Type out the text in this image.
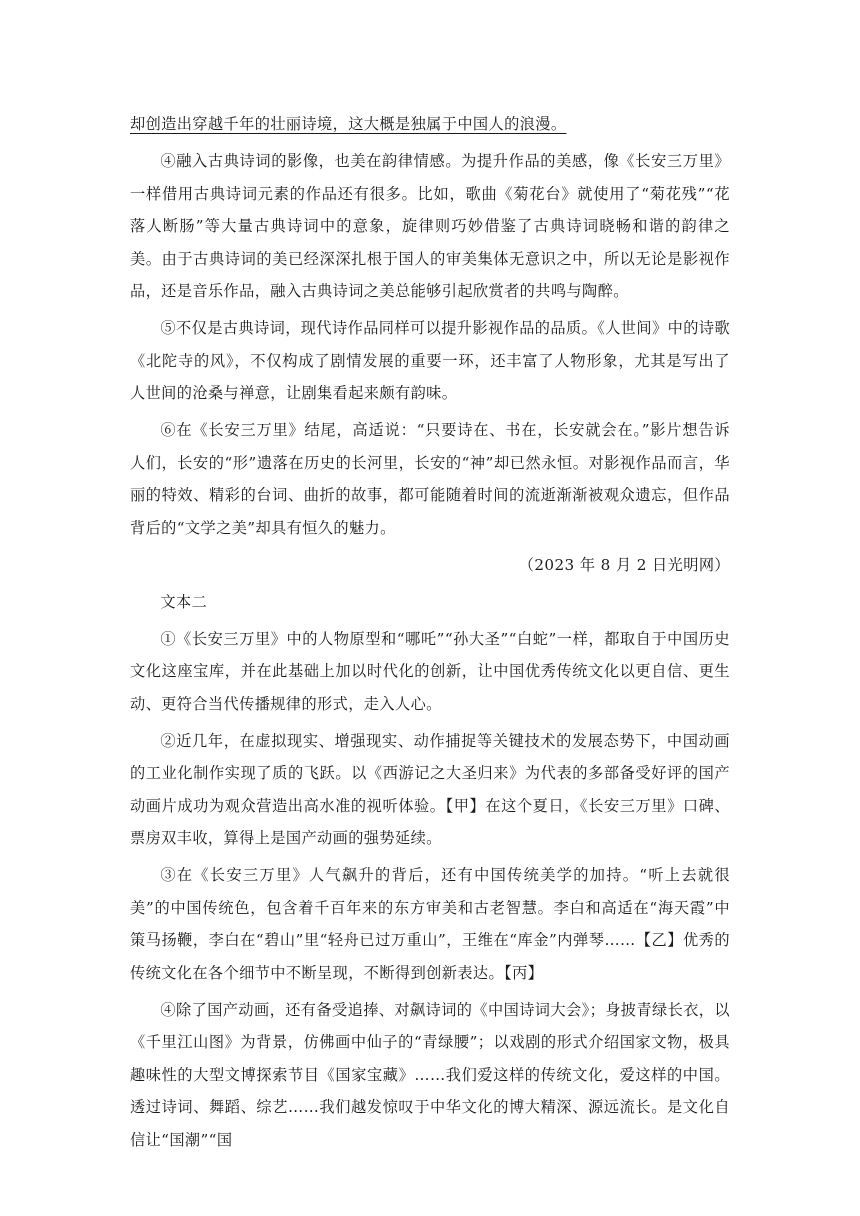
却创造出穿越千年的壮丽诗境，这大概是独属于中国人的浪漫。

④融入古典诗词的影像，也美在韵律情感。为提升作品的美感，像《长安三万里》一样借用古典诗词元素的作品还有很多。比如，歌曲《菊花台》就使用了“菊花残”“花落人断肠”等大量古典诗词中的意象，旋律则巧妙借鉴了古典诗词晓畅和谐的韵律之美。由于古典诗词的美已经深深扎根于国人的审美集体无意识之中，所以无论是影视作品，还是音乐作品，融入古典诗词之美总能够引起欣赏者的共鸣与陶醉。

⑤不仅是古典诗词，现代诗作品同样可以提升影视作品的品质。《人世间》中的诗歌《北陀寺的风》，不仅构成了剧情发展的重要一环，还丰富了人物形象，尤其是写出了人世间的沧桑与禅意，让剧集看起来颇有韵味。

⑥在《长安三万里》结尾，高适说：“只要诗在、书在，长安就会在。”影片想告诉人们，长安的“形”遗落在历史的长河里，长安的“神”却已然永恒。对影视作品而言，华丽的特效、精彩的台词、曲折的故事，都可能随着时间的流逝渐渐被观众遗忘，但作品背后的“文学之美”却具有恒久的魅力。

（2023 年 8 月 2 日光明网）

文本二

①《长安三万里》中的人物原型和“哪吒”“孙大圣”“白蛇”一样，都取自于中国历史文化这座宝库，并在此基础上加以时代化的创新，让中国优秀传统文化以更自信、更生动、更符合当代传播规律的形式，走入人心。

②近几年，在虚拟现实、增强现实、动作捕捉等关键技术的发展态势下，中国动画的工业化制作实现了质的飞跃。以《西游记之大圣归来》为代表的多部备受好评的国产动画片成功为观众营造出高水准的视听体验。【甲】在这个夏日，《长安三万里》口碑、票房双丰收，算得上是国产动画的强势延续。

③在《长安三万里》人气飙升的背后，还有中国传统美学的加持。“听上去就很美”的中国传统色，包含着千百年来的东方审美和古老智慧。李白和高适在“海天霞”中策马扬鞭，李白在“碧山”里“轻舟已过万重山”，王维在“库金”内弹琴……【乙】优秀的传统文化在各个细节中不断呈现，不断得到创新表达。【丙】

④除了国产动画，还有备受追捧、对飙诗词的《中国诗词大会》；身披青绿长衣，以《千里江山图》为背景，仿佛画中仙子的“青绿腰”；以戏剧的形式介绍国家文物，极具趣味性的大型文博探索节目《国家宝藏》……我们爱这样的传统文化，爱这样的中国。透过诗词、舞蹈、综艺……我们越发惊叹于中华文化的博大精深、源远流长。是文化自信让“国潮”“国
